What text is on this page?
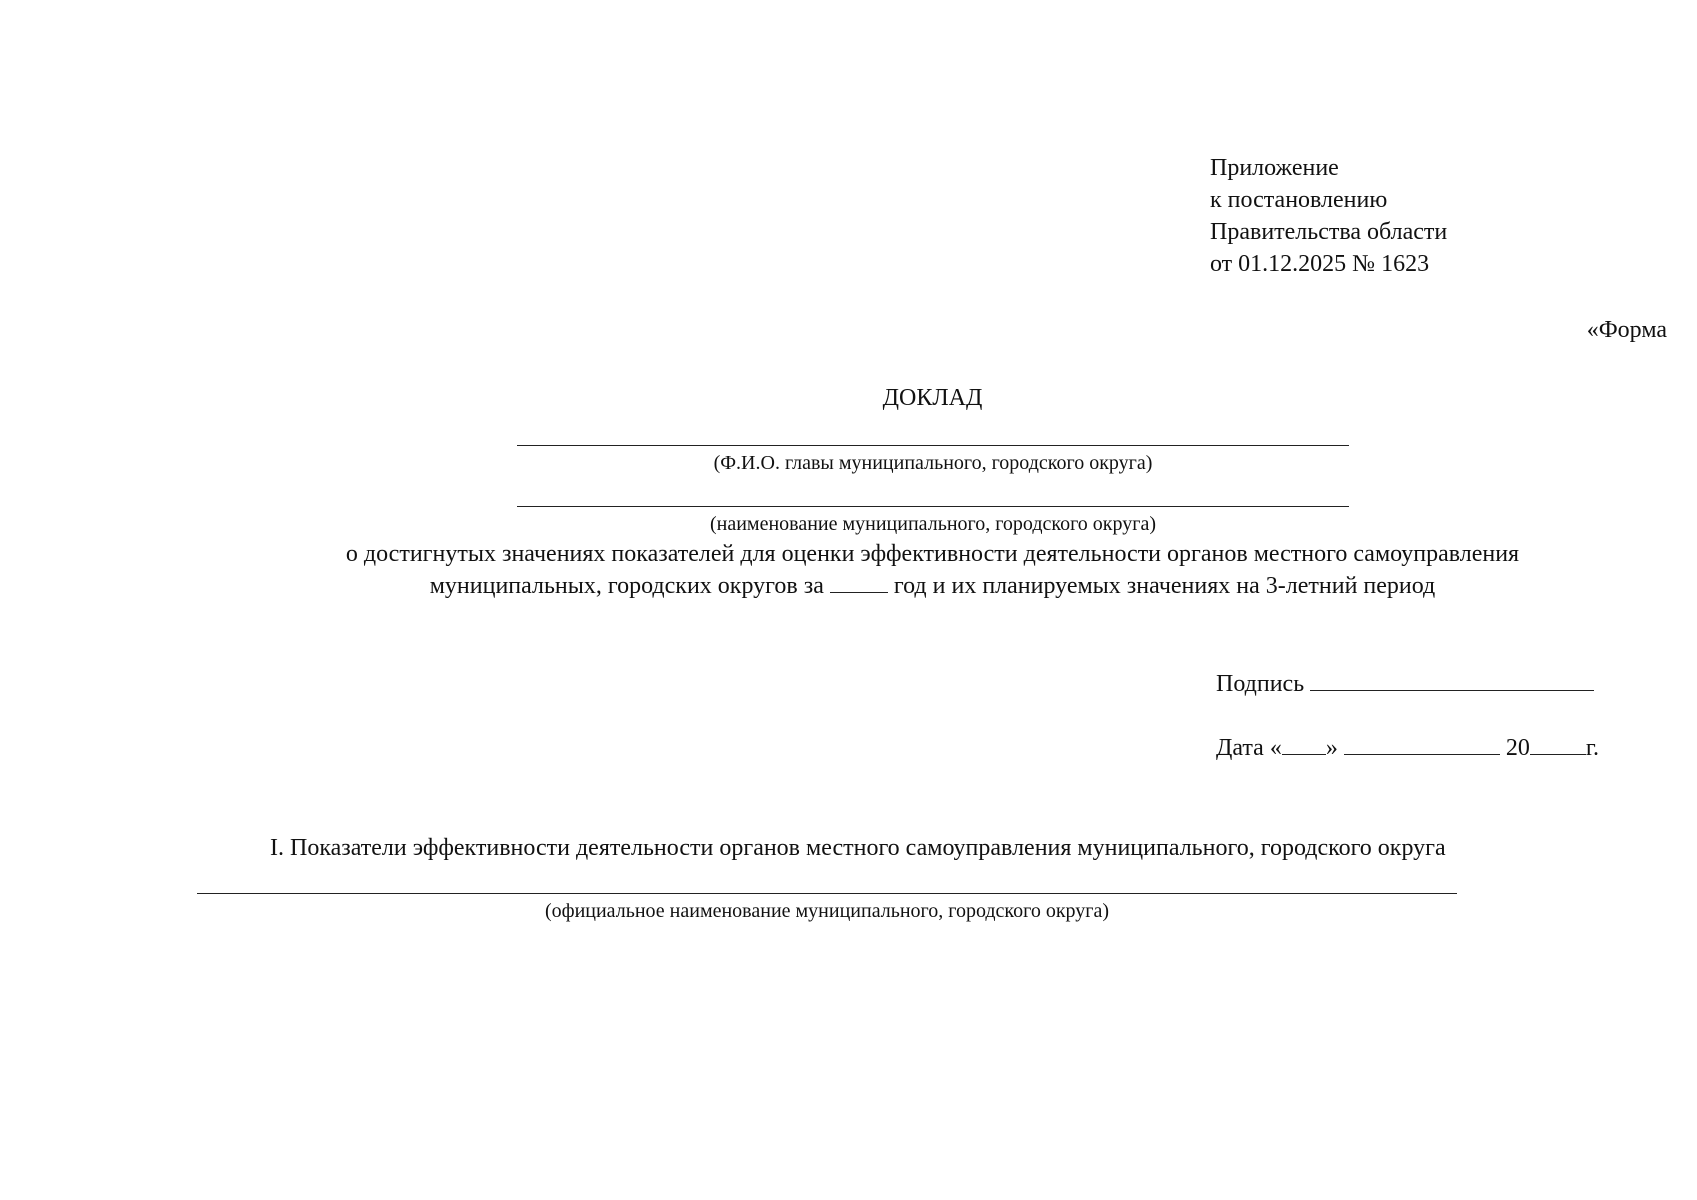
Приложение
к постановлению
Правительства области
от 01.12.2025 № 1623
«Форма
ДОКЛАД
(Ф.И.О. главы муниципального, городского округа)
(наименование муниципального, городского округа)
о достигнутых значениях показателей для оценки эффективности деятельности органов местного самоуправления
муниципальных, городских округов за	год и их планируемых значениях на 3-летний период
Подпись
Дата « »	20 г.
I. Показатели эффективности деятельности органов местного самоуправления муниципального, городского округа
(официальное наименование муниципального, городского округа)
